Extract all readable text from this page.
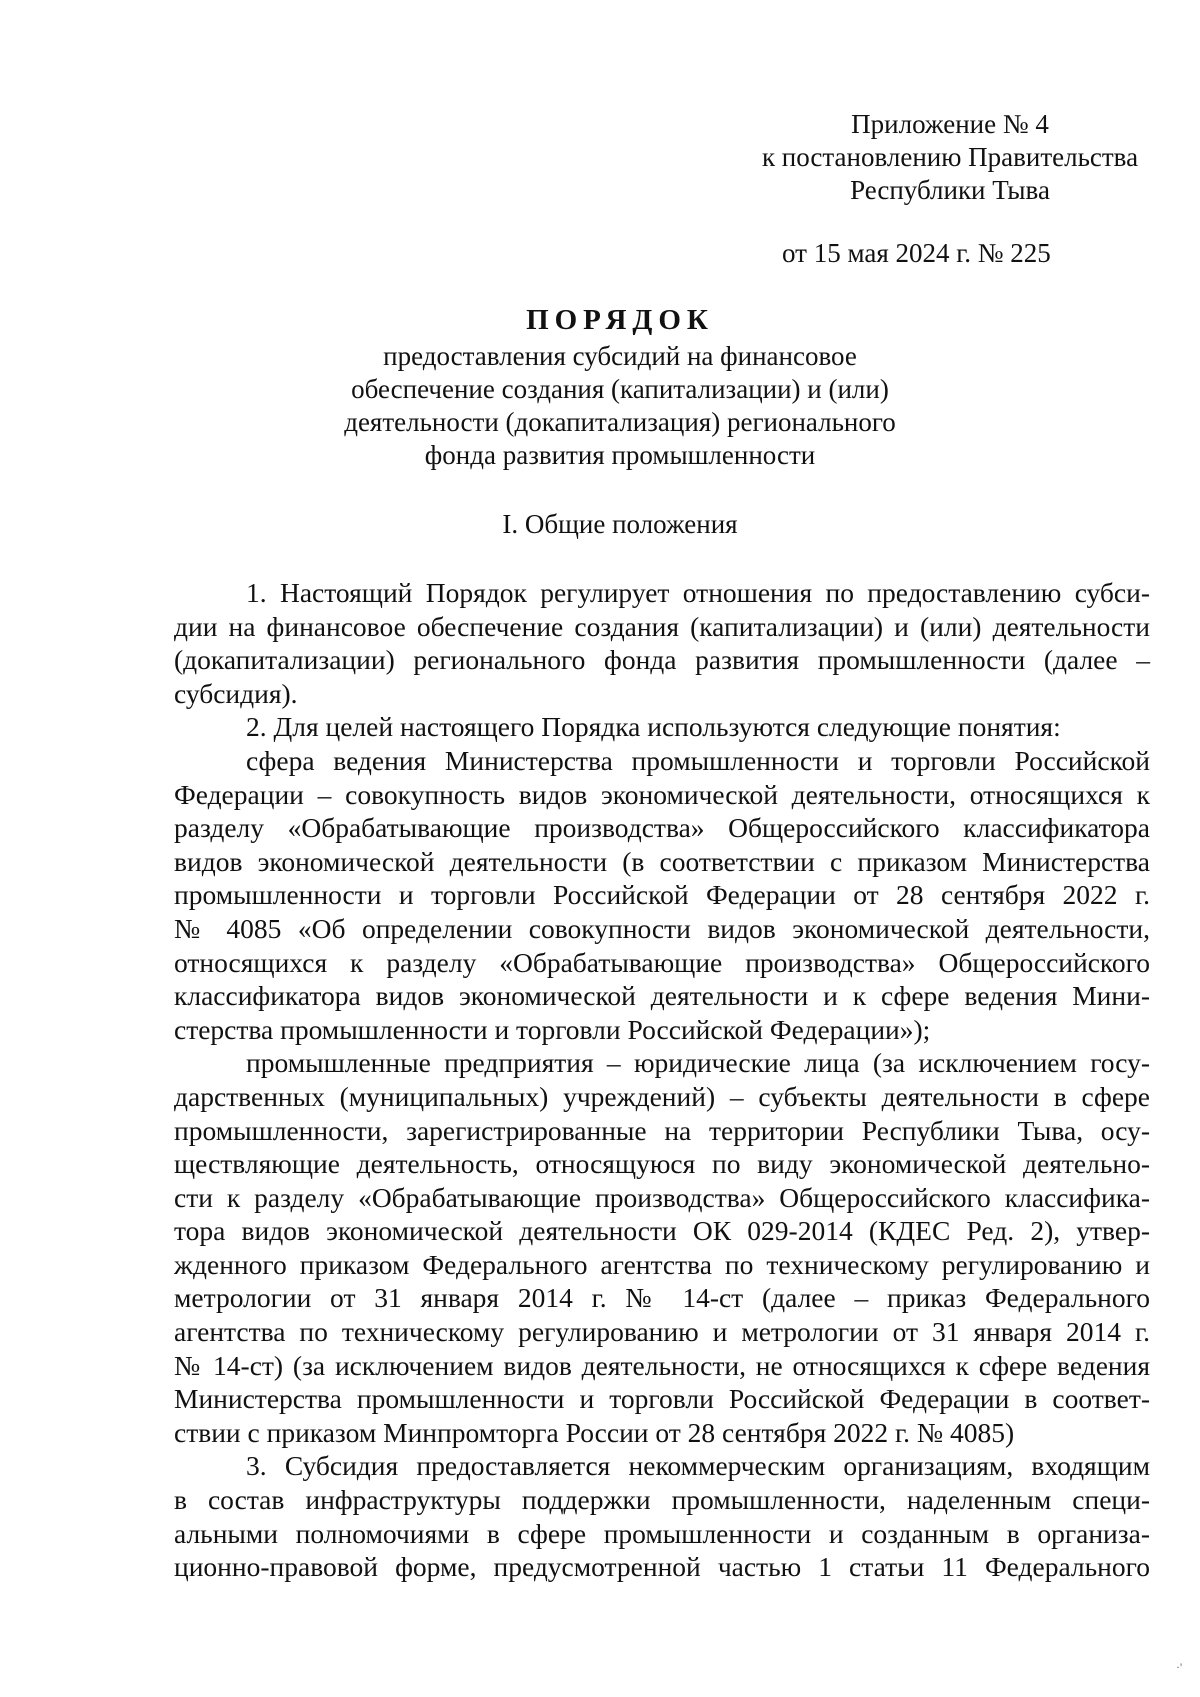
Приложение № 4
к постановлению Правительства
Республики Тыва
от 15 мая 2024 г. № 225
ПОРЯДОК
предоставления субсидий на финансовое
обеспечение создания (капитализации) и (или)
деятельности (докапитализация) регионального
фонда развития промышленности
I. Общие положения
1. Настоящий Порядок регулирует отношения по предоставлению субси-
дии на финансовое обеспечение создания (капитализации) и (или) деятельности
(докапитализации) регионального фонда развития промышленности (далее –
субсидия).
2. Для целей настоящего Порядка используются следующие понятия:
сфера ведения Министерства промышленности и торговли Российской
Федерации – совокупность видов экономической деятельности, относящихся к
разделу «Обрабатывающие производства» Общероссийского классификатора
видов экономической деятельности (в соответствии с приказом Министерства
промышленности и торговли Российской Федерации от 28 сентября 2022 г.
№ 4085 «Об определении совокупности видов экономической деятельности,
относящихся к разделу «Обрабатывающие производства» Общероссийского
классификатора видов экономической деятельности и к сфере ведения Мини-
стерства промышленности и торговли Российской Федерации»);
промышленные предприятия – юридические лица (за исключением госу-
дарственных (муниципальных) учреждений) – субъекты деятельности в сфере
промышленности, зарегистрированные на территории Республики Тыва, осу-
ществляющие деятельность, относящуюся по виду экономической деятельно-
сти к разделу «Обрабатывающие производства» Общероссийского классифика-
тора видов экономической деятельности ОК 029-2014 (КДЕС Ред. 2), утвер-
жденного приказом Федерального агентства по техническому регулированию и
метрологии от 31 января 2014 г. № 14-ст (далее – приказ Федерального
агентства по техническому регулированию и метрологии от 31 января 2014 г.
№ 14-ст) (за исключением видов деятельности, не относящихся к сфере ведения
Министерства промышленности и торговли Российской Федерации в соответ-
ствии с приказом Минпромторга России от 28 сентября 2022 г. № 4085)
3. Субсидия предоставляется некоммерческим организациям, входящим
в состав инфраструктуры поддержки промышленности, наделенным специ-
альными полномочиями в сфере промышленности и созданным в организа-
ционно-правовой форме, предусмотренной частью 1 статьи 11 Федерального
·'
